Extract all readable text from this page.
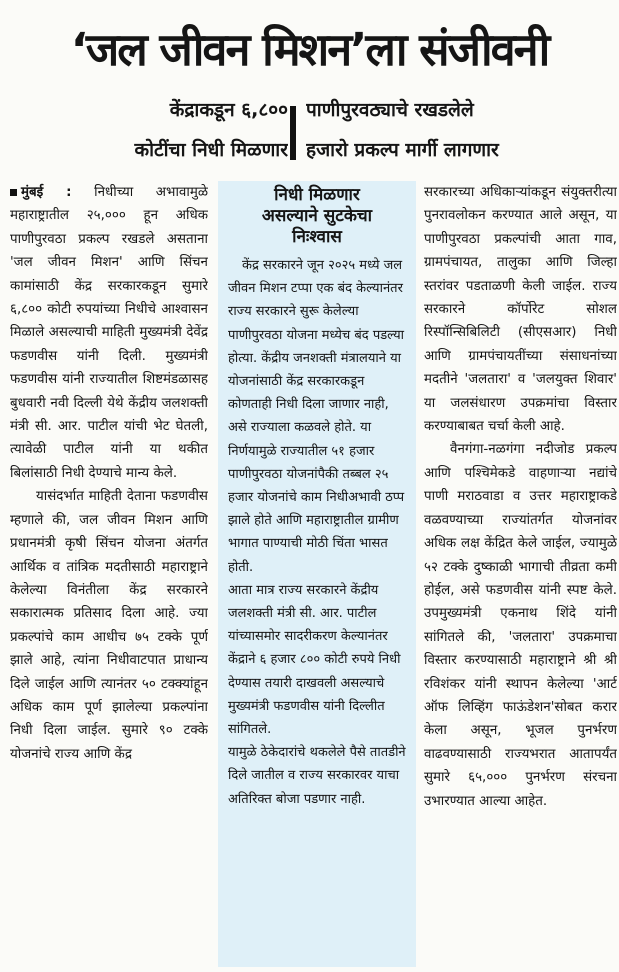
‘जल जीवन मिशन’ला संजीवनी
केंद्राकडून ६,८००
कोटींचा निधी मिळणार
पाणीपुरवठ्याचे रखडलेले
हजारो प्रकल्प मार्गी लागणार

मुंबई : निधीच्या अभावामुळे महाराष्ट्रातील २५,००० हून अधिक पाणीपुरवठा प्रकल्प रखडले असताना 'जल जीवन मिशन' आणि सिंचन कामांसाठी केंद्र सरकारकडून सुमारे ६,८०० कोटी रुपयांच्या निधीचे आश्वासन मिळाले असल्याची माहिती मुख्यमंत्री देवेंद्र फडणवीस यांनी दिली. मुख्यमंत्री फडणवीस यांनी राज्यातील शिष्टमंडळासह बुधवारी नवी दिल्ली येथे केंद्रीय जलशक्ती मंत्री सी. आर. पाटील यांची भेट घेतली, त्यावेळी पाटील यांनी या थकीत बिलांसाठी निधी देण्याचे मान्य केले.

यासंदर्भात माहिती देताना फडणवीस म्हणाले की, जल जीवन मिशन आणि प्रधानमंत्री कृषी सिंचन योजना अंतर्गत आर्थिक व तांत्रिक मदतीसाठी महाराष्ट्राने केलेल्या विनंतीला केंद्र सरकारने सकारात्मक प्रतिसाद दिला आहे. ज्या प्रकल्पांचे काम आधीच ७५ टक्के पूर्ण झाले आहे, त्यांना निधीवाटपात प्राधान्य दिले जाईल आणि त्यानंतर ५० टक्क्यांहून अधिक काम पूर्ण झालेल्या प्रकल्पांना निधी दिला जाईल. सुमारे ९० टक्के योजनांचे राज्य आणि केंद्र

निधी मिळणार
असल्याने सुटकेचा
निःश्वास

केंद्र सरकारने जून २०२५ मध्ये जल जीवन मिशन टप्पा एक बंद केल्यानंतर राज्य सरकारने सुरू केलेल्या पाणीपुरवठा योजना मध्येच बंद पडल्या होत्या. केंद्रीय जनशक्ती मंत्रालयाने या योजनांसाठी केंद्र सरकारकडून कोणताही निधी दिला जाणार नाही, असे राज्याला कळवले होते. या निर्णयामुळे राज्यातील ५१ हजार पाणीपुरवठा योजनांपैकी तब्बल २५ हजार योजनांचे काम निधीअभावी ठप्प झाले होते आणि महाराष्ट्रातील ग्रामीण भागात पाण्याची मोठी चिंता भासत होती.

आता मात्र राज्य सरकारने केंद्रीय जलशक्ती मंत्री सी. आर. पाटील यांच्यासमोर सादरीकरण केल्यानंतर केंद्राने ६ हजार ८०० कोटी रुपये निधी देण्यास तयारी दाखवली असल्याचे मुख्यमंत्री फडणवीस यांनी दिल्लीत सांगितले.

यामुळे ठेकेदारांचे थकलेले पैसे तातडीने दिले जातील व राज्य सरकारवर याचा अतिरिक्त बोजा पडणार नाही.

सरकारच्या अधिकाऱ्यांकडून संयुक्तरीत्या पुनरावलोकन करण्यात आले असून, या पाणीपुरवठा प्रकल्पांची आता गाव, ग्रामपंचायत, तालुका आणि जिल्हा स्तरांवर पडताळणी केली जाईल. राज्य सरकारने कॉर्पोरेट सोशल रिस्पॉन्सिबिलिटी (सीएसआर) निधी आणि ग्रामपंचायतींच्या संसाधनांच्या मदतीने 'जलतारा' व 'जलयुक्त शिवार' या जलसंधारण उपक्रमांचा विस्तार करण्याबाबत चर्चा केली आहे.

वैनगंगा-नळगंगा नदीजोड प्रकल्प आणि पश्चिमेकडे वाहणाऱ्या नद्यांचे पाणी मराठवाडा व उत्तर महाराष्ट्राकडे वळवण्याच्या राज्यांतर्गत योजनांवर अधिक लक्ष केंद्रित केले जाईल, ज्यामुळे ५२ टक्के दुष्काळी भागाची तीव्रता कमी होईल, असे फडणवीस यांनी स्पष्ट केले. उपमुख्यमंत्री एकनाथ शिंदे यांनी सांगितले की, 'जलतारा' उपक्रमाचा विस्तार करण्यासाठी महाराष्ट्राने श्री श्री रविशंकर यांनी स्थापन केलेल्या 'आर्ट ऑफ लिव्हिंग फाऊंडेशन'सोबत करार केला असून, भूजल पुनर्भरण वाढवण्यासाठी राज्यभरात आतापर्यंत सुमारे ६५,००० पुनर्भरण संरचना उभारण्यात आल्या आहेत.
